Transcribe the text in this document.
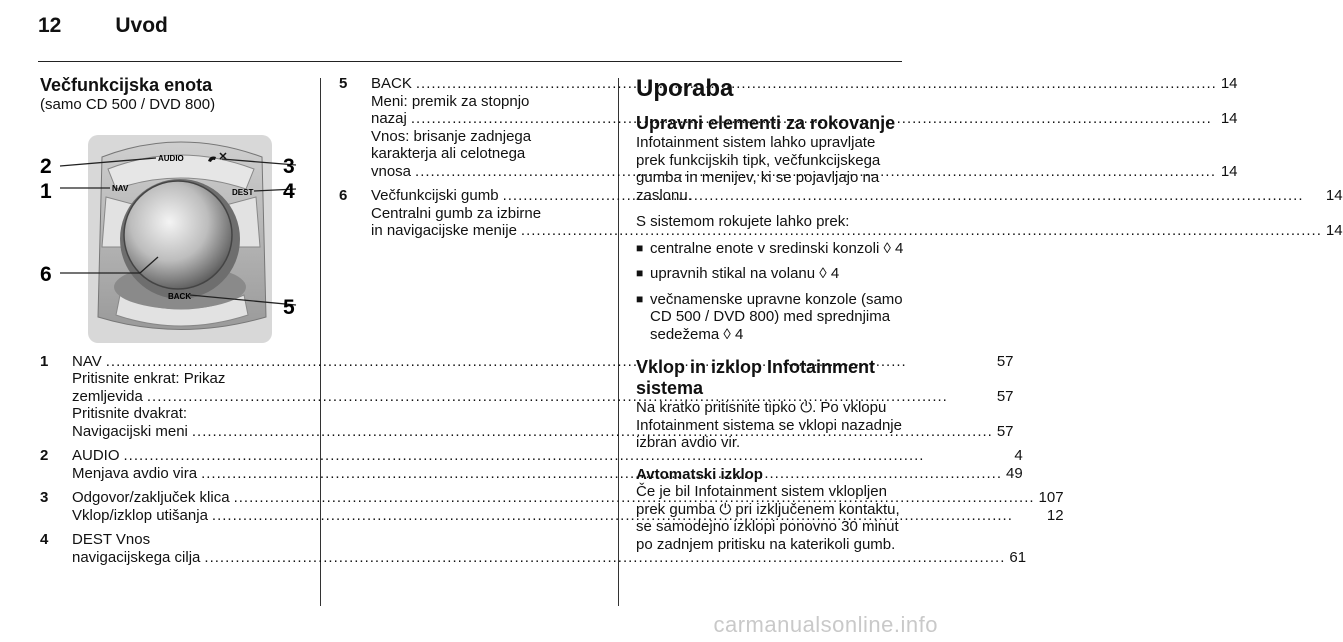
12	Uvod
Večfunkcijska enota
(samo CD 500 / DVD 800)
AUDIO
NAV	DEST
BACK
1
2	3
4
5
6
1	NAV .....	57
Pritisnite enkrat: Prikaz
zemljevida .....	57
Pritisnite dvakrat:
Navigacijski meni .....	57
2	AUDIO .....	4
Menjava avdio vira .....	49
3	Odgovor/zaključek klica .....	107
Vklop/izklop utišanja .....	12
4	DEST Vnos
navigacijskega cilja .....	61
5	BACK .....	14
Meni: premik za stopnjo
nazaj .....	14
Vnos: brisanje zadnjega
karakterja ali celotnega
vnosa .....	14
6	Večfunkcijski gumb .....	14
Centralni gumb za izbirne
in navigacijske menije .....	14
Uporaba
Upravni elementi za rokovanje
Infotainment sistem lahko upravljate prek funkcijskih tipk, večfunkcijskega gumba in menijev, ki se pojavljajo na zaslonu.
S sistemom rokujete lahko prek:
■ centralne enote v sredinski konzoli ◊ 4
■ upravnih stikal na volanu ◊ 4
■ večnamenske upravne konzole (samo CD 500 / DVD 800) med sprednjima sedežema ◊ 4
Vklop in izklop Infotainment sistema
Na kratko pritisnite tipko ⏻. Po vklopu Infotainment sistema se vklopi nazadnje izbran avdio vir.
Avtomatski izklop
Če je bil Infotainment sistem vklopljen prek gumba ⏻ pri izključenem kontaktu, se samodejno izklopi ponovno 30 minut po zadnjem pritisku na katerikoli gumb.
carmanualsonline.info
